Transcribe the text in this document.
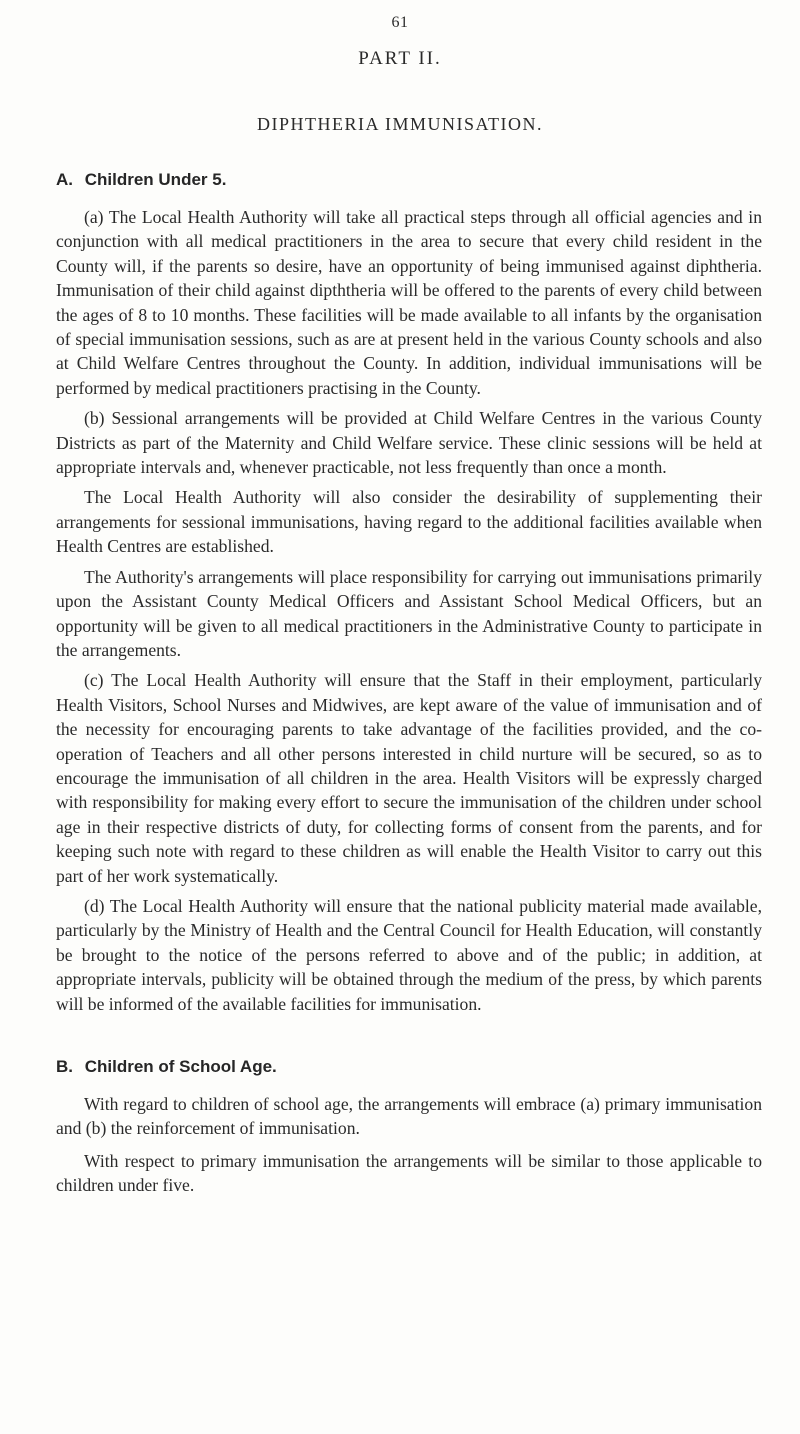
61
PART II.
DIPHTHERIA IMMUNISATION.
A. Children Under 5.

(a) The Local Health Authority will take all practical steps through all official agencies and in conjunction with all medical practitioners in the area to secure that every child resident in the County will, if the parents so desire, have an opportunity of being immunised against diphtheria. Immunisation of their child against dipththeria will be offered to the parents of every child between the ages of 8 to 10 months. These facilities will be made available to all infants by the organisation of special immunisation sessions, such as are at present held in the various County schools and also at Child Welfare Centres throughout the County. In addition, individual immunisations will be performed by medical practitioners practising in the County.

(b) Sessional arrangements will be provided at Child Welfare Centres in the various County Districts as part of the Maternity and Child Welfare service. These clinic sessions will be held at appropriate intervals and, whenever practicable, not less frequently than once a month.

The Local Health Authority will also consider the desirability of supplementing their arrangements for sessional immunisations, having regard to the additional facilities available when Health Centres are established.

The Authority's arrangements will place responsibility for carrying out immunisations primarily upon the Assistant County Medical Officers and Assistant School Medical Officers, but an opportunity will be given to all medical practitioners in the Administrative County to participate in the arrangements.

(c) The Local Health Authority will ensure that the Staff in their employment, particularly Health Visitors, School Nurses and Midwives, are kept aware of the value of immunisation and of the necessity for encouraging parents to take advantage of the facilities provided, and the co-operation of Teachers and all other persons interested in child nurture will be secured, so as to encourage the immunisation of all children in the area. Health Visitors will be expressly charged with responsibility for making every effort to secure the immunisation of the children under school age in their respective districts of duty, for collecting forms of consent from the parents, and for keeping such note with regard to these children as will enable the Health Visitor to carry out this part of her work systematically.

(d) The Local Health Authority will ensure that the national publicity material made available, particularly by the Ministry of Health and the Central Council for Health Education, will constantly be brought to the notice of the persons referred to above and of the public; in addition, at appropriate intervals, publicity will be obtained through the medium of the press, by which parents will be informed of the available facilities for immunisation.

B. Children of School Age.

With regard to children of school age, the arrangements will embrace (a) primary immunisation and (b) the reinforcement of immunisation.

With respect to primary immunisation the arrangements will be similar to those applicable to children under five.
